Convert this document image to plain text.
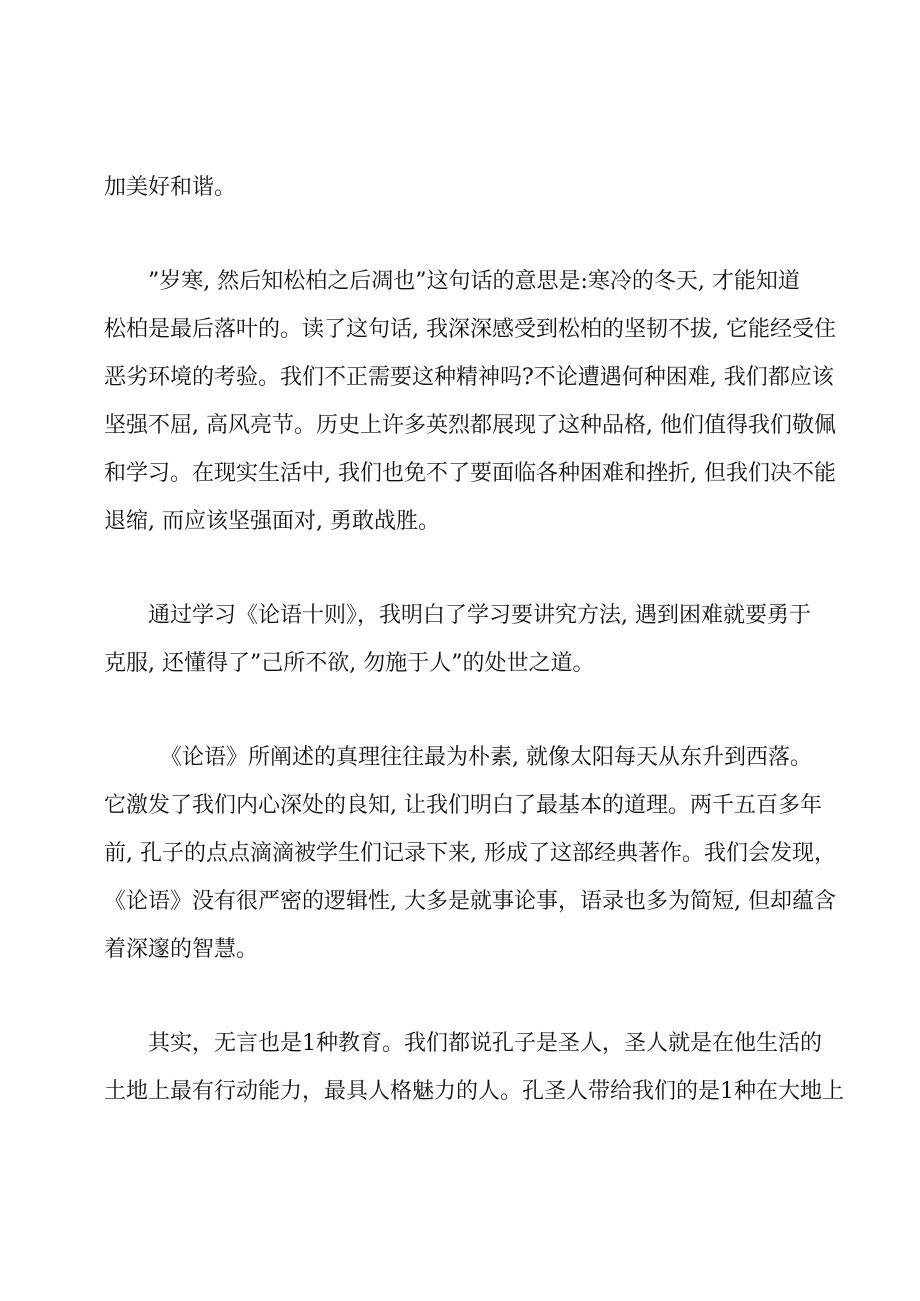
加美好和谐。
”岁寒, 然后知松柏之后凋也”这句话的意思是:寒冷的冬天, 才能知道
松柏是最后落叶的。读了这句话, 我深深感受到松柏的坚韧不拔, 它能经受住
恶劣环境的考验。我们不正需要这种精神吗?不论遭遇何种困难, 我们都应该
坚强不屈, 高风亮节。历史上许多英烈都展现了这种品格, 他们值得我们敬佩
和学习。在现实生活中, 我们也免不了要面临各种困难和挫折, 但我们决不能
退缩, 而应该坚强面对, 勇敢战胜。
通过学习《论语十则》，我明白了学习要讲究方法, 遇到困难就要勇于
克服, 还懂得了”己所不欲, 勿施于人”的处世之道。
《论语》所阐述的真理往往最为朴素, 就像太阳每天从东升到西落。
它激发了我们内心深处的良知, 让我们明白了最基本的道理。两千五百多年
前, 孔子的点点滴滴被学生们记录下来, 形成了这部经典著作。我们会发现，
《论语》没有很严密的逻辑性, 大多是就事论事，语录也多为简短, 但却蕴含
着深邃的智慧。
其实，无言也是1种教育。我们都说孔子是圣人，圣人就是在他生活的
土地上最有行动能力，最具人格魅力的人。孔圣人带给我们的是1种在大地上
